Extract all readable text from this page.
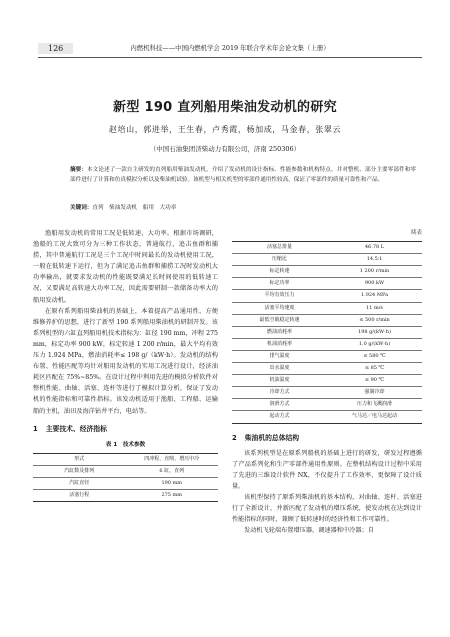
126	内燃机科技——中国内燃机学会 2019 年联合学术年会论文集（上册）
新型 190 直列船用柴油发动机的研究
赵培山，郭进举，王生春，卢秀霞，杨加成，马金春，张翠云
（中国石油集团济柴动力有限公司，济南 250306）
摘要：本文论述了一款自主研发的直列船用柴油发动机，介绍了发动机的设计指标、性能参数和机构特点，并对整机、部分主要零部件和零部件进行了计算和仿真模拟分析以及柴油机试验。该机型与相关机型的零部件通用性较高，保证了零部件的质量可靠性和产品。
关键词：直列　柴油发动机　船用　大功率

渔船用发动机的常用工况是低转速、大功率。根据市场调研，渔船的工况大致可分为三种工作状态，普通航行，追击鱼群和捕捞，其中普通航行工况是三个工况中时间最长的发动机使用工况，一般在低转速下运行，但为了满足追击鱼群和捕捞工况时发动机大功率输出，就要求发动机的性能既要满足长时间使用的低转速工况，又要满足高转速大功率工况，因此需要研制一款储备功率大的船用发动机。

在原有系列船用柴油机的基础上，本着提高产品通用性、方便维修养护的思想，进行了新型 190 系列船用柴油机的研制开发。该系列机型的六缸直列船用机技术指标为：缸径 190 mm，冲程 275 mm，标定功率 900 kW，标定转速 1 200 r/min，最大平均有效压力 1.924 MPa，燃油消耗率≤ 198 g/（kW·h）。发动机的结构布置、性能匹配等均针对船用发动机的实用工况进行设计，经济油耗区匹配在 75%~85%。在设计过程中利用先进的模拟分析软件对整机性能、曲轴、活塞、连杆等进行了模拟计算分析，保证了发动机的性能指标和可靠性指标。该发动机适用于渔船、工程船、运输船的主机，油田及海洋钻井平台，电站等。

1 主要技术、经济指标
表 1　技术参数
形式	四冲程，直喷，增压中冷
汽缸数及排列	6 缸，直列
汽缸直径	190 mm
活塞行程	275 mm
续表
活塞总排量	46.78 L
压缩比	14.5∶1
标定转速	1 200 r/min
标定功率	900 kW
平均有效压力	1.924 MPa
活塞平均速度	11 m/s
最低空载稳定转速	≤ 500 r/min
燃油消耗率	198 g/(kW·h)
机油消耗率	1.0 g/(kW·h)
排气温度	≤ 580 ℃
出水温度	≤ 85 ℃
机油温度	≤ 90 ℃
冷却方式	强制冷却
润滑方式	压力和飞溅润滑
起动方式	气马达／电马达起动
2 柴油机的总体结构

该系列机型是在原系列船机的基础上进行的研发，研发过程遵循了产品系列化和生产零部件通用性原则。在整机结构设计过程中采用了先进的三维设计软件 NX，不仅提升了工作效率，更保障了设计质量。

该机型保持了原系列柴油机的基本结构，对曲轴、连杆、活塞进行了全新设计，并新匹配了发动机的增压系统，使发动机在达到设计性能指标的同时，兼顾了低转速时的经济性和工作可靠性。

发动机飞轮端布置增压器，调速器和中冷器；自
